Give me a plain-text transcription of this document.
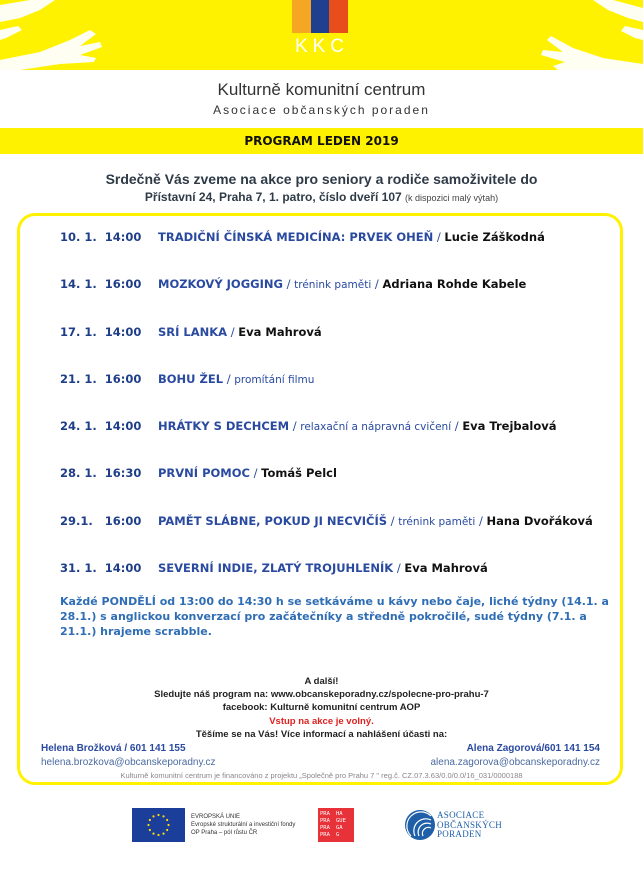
KKC
Kulturně komunitní centrum
Asociace občanských poraden
PROGRAM LEDEN 2019
Srdečně Vás zveme na akce pro seniory a rodiče samoživitele do
Přístavní 24, Praha 7, 1. patro, číslo dveří 107 (k dispozici malý výtah)
10. 1.  14:00	TRADIČNÍ ČÍNSKÁ MEDICÍNA: PRVEK OHEŇ / Lucie Záškodná
14. 1.  16:00	MOZKOVÝ JOGGING / trénink paměti / Adriana Rohde Kabele
17. 1.  14:00	SRÍ LANKA / Eva Mahrová
21. 1.  16:00	BOHU ŽEL / promítání filmu
24. 1.  14:00	HRÁTKY S DECHCEM / relaxační a nápravná cvičení / Eva Trejbalová
28. 1.  16:30	PRVNÍ POMOC / Tomáš Pelcl
29.1.   16:00	PAMĚT SLÁBNE, POKUD JI NECVIČÍŠ / trénink paměti / Hana Dvořáková
31. 1.  14:00	SEVERNÍ INDIE, ZLATÝ TROJUHLENÍK / Eva Mahrová
Každé PONDĚLÍ od 13:00 do 14:30 h se setkáváme u kávy nebo čaje, liché týdny (14.1. a 28.1.) s anglickou konverzací pro začátečníky a středně pokročilé, sudé týdny (7.1. a 21.1.) hrajeme scrabble.
A další!
Sledujte náš program na: www.obcanskeporadny.cz/spolecne-pro-prahu-7
facebook: Kulturně komunitní centrum AOP
Vstup na akce je volný.
Těšíme se na Vás! Více informací a nahlášení účasti na:
Helena Brožková / 601 141 155
helena.brozkova@obcanskeporadny.cz
Alena Zagorová/601 141 154
alena.zagorova@obcanskeporadny.cz
Kulturně komunitní centrum je financováno z projektu „Společně pro Prahu 7 " reg.č. CZ.07.3.63/0.0/0.0/16_031/0000188
EVROPSKÁ UNIE
Evropské strukturální a investiční fondy
OP Praha – pól růstu ČR
PRA	HA
PRA	GUE
PRA	GA
PRA	G
ASOCIACE
OBČANSKÝCH
PORADEN
